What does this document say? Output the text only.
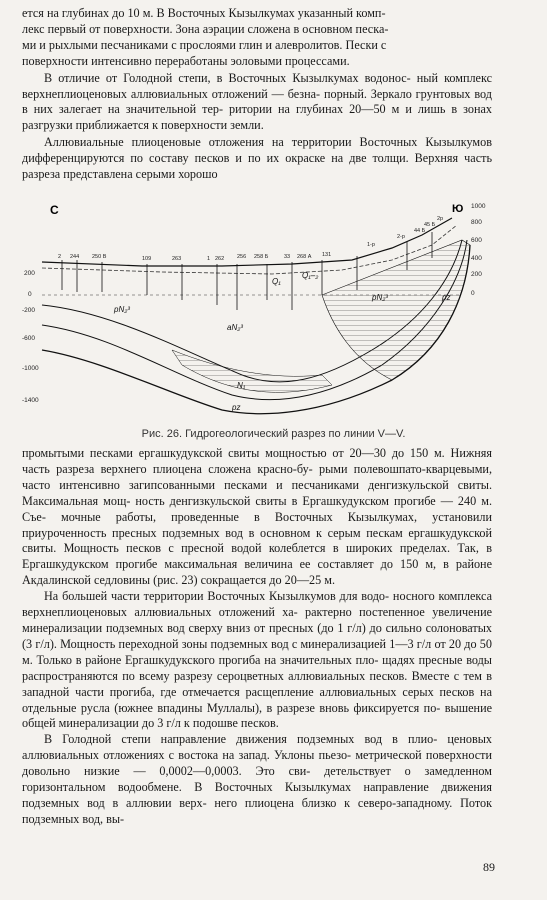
ется на глубинах до 10 м. В Восточных Кызылкумах указанный комп-

лекс первый от поверхности. Зона аэрации сложена в основном песка-

ми и рыхлыми песчаниками с прослоями глин и алевролитов. Пески с

поверхности интенсивно переработаны эоловыми процессами.

В отличие от Голодной степи, в Восточных Кызылкумах водонос- ный комплекс верхнеплиоценовых аллювиальных отложений — безна- порный. Зеркало грунтовых вод в них залегает на значительной тер- ритории на глубинах 20—50 м и лишь в зонах разгрузки приближается к поверхности земли.

Аллювиальные плиоценовые отложения на территории Восточных Кызылкумов дифференцируются по составу песков и по их окраске на две толщи. Верхняя часть разреза представлена серыми хорошо

С	Ю 1000
800
600
400
200
0
200
0
-200
-600
-1000
-1400
2 244 250 В	109	263	1 262 256 258 Б	33 268 А 131
1-р
2-р
44 Б
45 Б
2р
pN₂³
aN₂³
pN₂³
N₁
Q₁–₂
pz
pz
Q₁
Рис. 26. Гидрогеологический разрез по линии V—V.

промытыми песками ергашкудукской свиты мощностью от 20—30 до 150 м. Нижняя часть разреза верхнего плиоцена сложена красно-бу- рыми полевошпато-кварцевыми, часто интенсивно загипсованными песками и песчаниками денгизкульской свиты. Максимальная мощ- ность денгизкульской свиты в Ергашкудукском прогибе — 240 м. Съе- мочные работы, проведенные в Восточных Кызылкумах, установили приуроченность пресных подземных вод в основном к серым пескам ергашкудукской свиты. Мощность песков с пресной водой колеблется в широких пределах. Так, в Ергашкудукском прогибе максимальная величина ее составляет до 150 м, в районе Акдалинской седловины (рис. 23) сокращается до 20—25 м.

На большей части территории Восточных Кызылкумов для водо- носного комплекса верхнеплиоценовых аллювиальных отложений ха- рактерно постепенное увеличение минерализации подземных вод сверху вниз от пресных (до 1 г/л) до сильно солоноватых (3 г/л). Мощность переходной зоны подземных вод с минерализацией 1—3 г/л от 20 до 50 м. Только в районе Ергашкудукского прогиба на значительных пло- щадях пресные воды распространяются по всему разрезу сероцветных аллювиальных песков. Вместе с тем в западной части прогиба, где отмечается расщепление аллювиальных серых песков на отдельные русла (южнее впадины Муллалы), в разрезе вновь фиксируется по- вышение общей минерализации до 3 г/л к подошве песков.

В Голодной степи направление движения подземных вод в плио- ценовых аллювиальных отложениях с востока на запад. Уклоны пьезо- метрической поверхности довольно низкие — 0,0002—0,0003. Это сви- детельствует о замедленном горизонтальном водообмене. В Восточных Кызылкумах направление движения подземных вод в аллювии верх- него плиоцена близко к северо-западному. Поток подземных вод, вы-

89
